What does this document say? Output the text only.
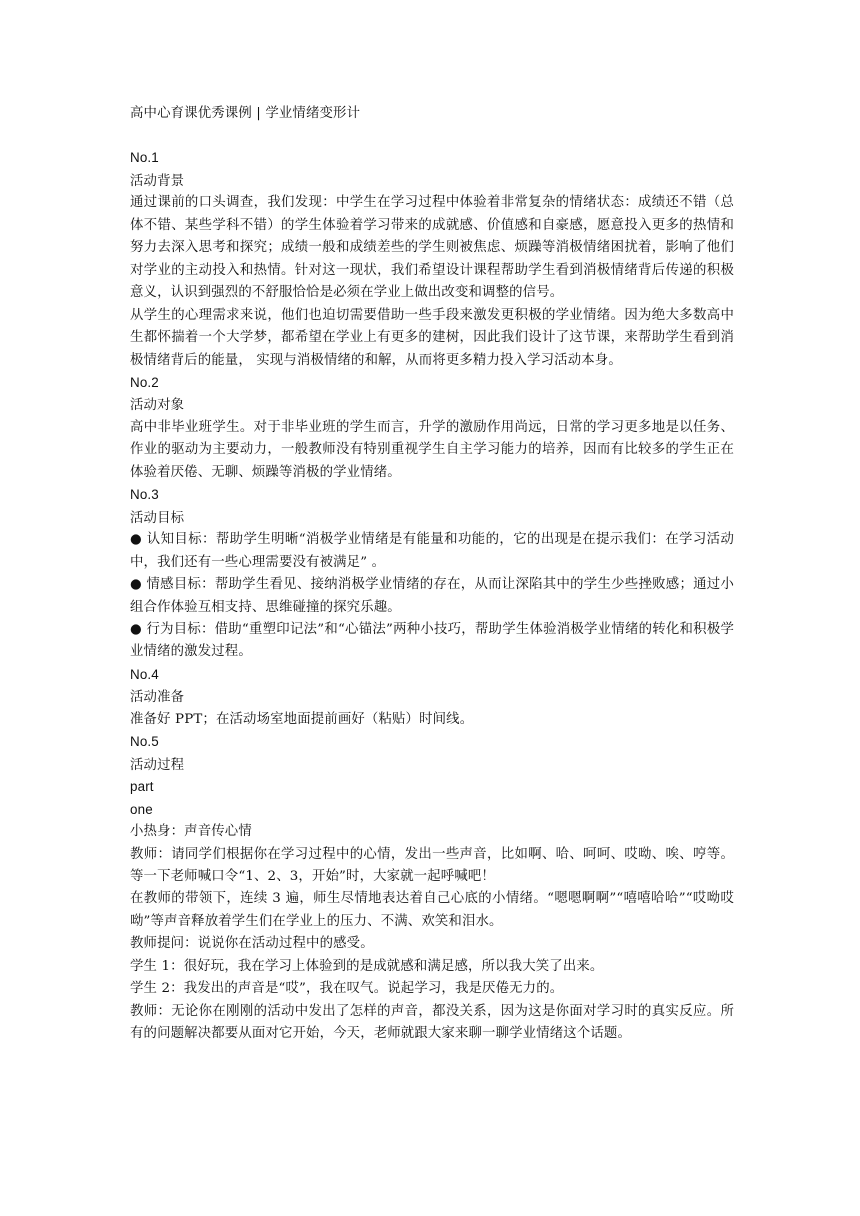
高中心育课优秀课例 | 学业情绪变形计

No.1

活动背景

通过课前的口头调查，我们发现：中学生在学习过程中体验着非常复杂的情绪状态：成绩还不错（总体不错、某些学科不错）的学生体验着学习带来的成就感、价值感和自豪感，愿意投入更多的热情和努力去深入思考和探究；成绩一般和成绩差些的学生则被焦虑、烦躁等消极情绪困扰着，影响了他们对学业的主动投入和热情。针对这一现状，我们希望设计课程帮助学生看到消极情绪背后传递的积极意义，认识到强烈的不舒服恰恰是必须在学业上做出改变和调整的信号。

从学生的心理需求来说，他们也迫切需要借助一些手段来激发更积极的学业情绪。因为绝大多数高中生都怀揣着一个大学梦，都希望在学业上有更多的建树，因此我们设计了这节课，来帮助学生看到消极情绪背后的能量， 实现与消极情绪的和解，从而将更多精力投入学习活动本身。

No.2

活动对象

高中非毕业班学生。对于非毕业班的学生而言，升学的激励作用尚远，日常的学习更多地是以任务、作业的驱动为主要动力，一般教师没有特别重视学生自主学习能力的培养，因而有比较多的学生正在体验着厌倦、无聊、烦躁等消极的学业情绪。

No.3

活动目标

● 认知目标：帮助学生明晰“消极学业情绪是有能量和功能的，它的出现是在提示我们：在学习活动中，我们还有一些心理需要没有被满足” 。

● 情感目标：帮助学生看见、接纳消极学业情绪的存在，从而让深陷其中的学生少些挫败感；通过小组合作体验互相支持、思维碰撞的探究乐趣。

● 行为目标：借助“重塑印记法”和“心锚法”两种小技巧，帮助学生体验消极学业情绪的转化和积极学业情绪的激发过程。

No.4

活动准备

准备好 PPT；在活动场室地面提前画好（粘贴）时间线。

No.5

活动过程

part

one

小热身：声音传心情

教师：请同学们根据你在学习过程中的心情，发出一些声音，比如啊、哈、呵呵、哎呦、唉、哼等。等一下老师喊口令“1、2、3，开始”时，大家就一起呼喊吧！

在教师的带领下，连续 3 遍，师生尽情地表达着自己心底的小情绪。“嗯嗯啊啊”“嘻嘻哈哈”“哎呦哎呦”等声音释放着学生们在学业上的压力、不满、欢笑和泪水。

教师提问：说说你在活动过程中的感受。

学生 1：很好玩，我在学习上体验到的是成就感和满足感，所以我大笑了出来。

学生 2：我发出的声音是“哎”，我在叹气。说起学习，我是厌倦无力的。

教师：无论你在刚刚的活动中发出了怎样的声音，都没关系，因为这是你面对学习时的真实反应。所有的问题解决都要从面对它开始，今天，老师就跟大家来聊一聊学业情绪这个话题。
